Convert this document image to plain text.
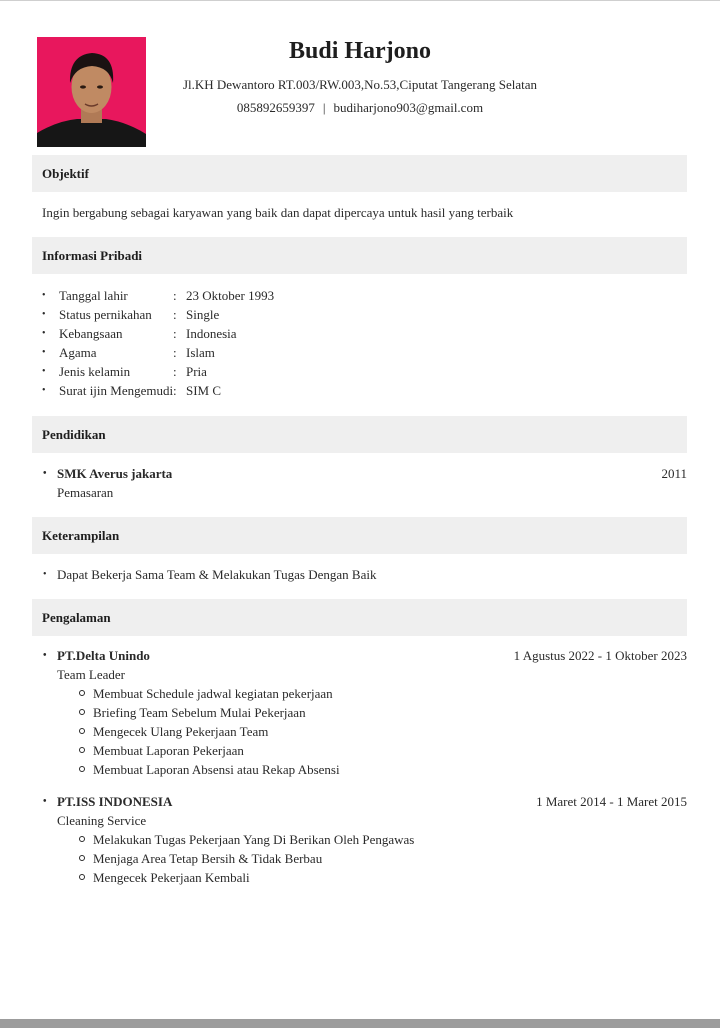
Budi Harjono
Jl.KH Dewantoro RT.003/RW.003,No.53,Ciputat Tangerang Selatan
085892659397 | budiharjono903@gmail.com
Objektif
Ingin bergabung sebagai karyawan yang baik dan dapat dipercaya untuk hasil yang terbaik
Informasi Pribadi
• Tanggal lahir	: 23 Oktober 1993
• Status pernikahan : Single
• Kebangsaan	: Indonesia
• Agama	: Islam
• Jenis kelamin	: Pria
• Surat ijin Mengemudi : SIM C
Pendidikan
• SMK Averus jakarta	2011
Pemasaran
Keterampilan
• Dapat Bekerja Sama Team & Melakukan Tugas Dengan Baik
Pengalaman
• PT.Delta Unindo	1 Agustus 2022 - 1 Oktober 2023
Team Leader
Membuat Schedule jadwal kegiatan pekerjaan
Briefing Team Sebelum Mulai Pekerjaan
Mengecek Ulang Pekerjaan Team
Membuat Laporan Pekerjaan
Membuat Laporan Absensi atau Rekap Absensi
• PT.ISS INDONESIA	1 Maret 2014 - 1 Maret 2015
Cleaning Service
Melakukan Tugas Pekerjaan Yang Di Berikan Oleh Pengawas
Menjaga Area Tetap Bersih & Tidak Berbau
Mengecek Pekerjaan Kembali
